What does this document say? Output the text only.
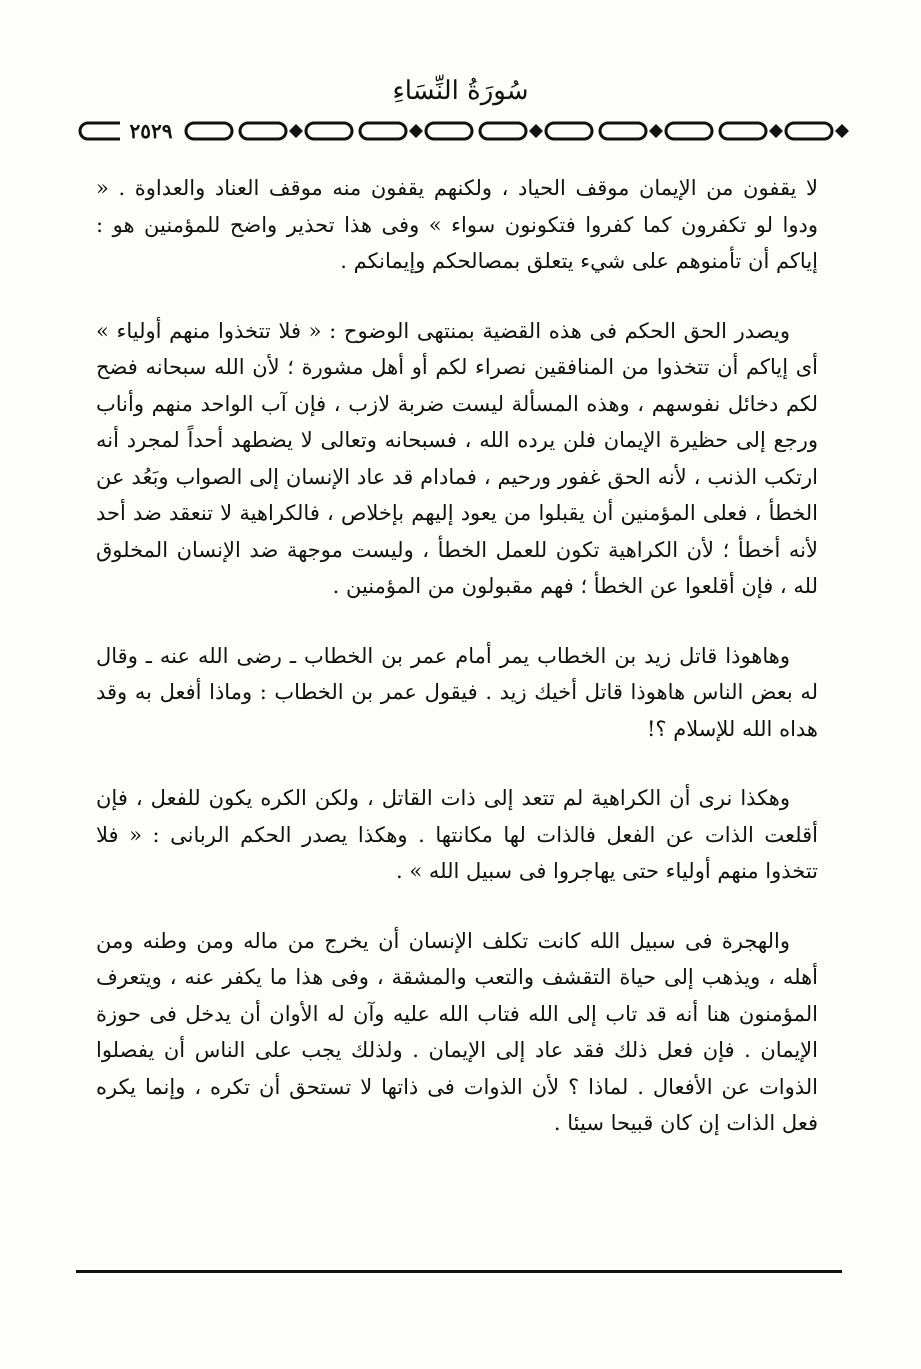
سُورَةُ النِّسَاءِ
٢٥٢٩

لا يقفون من الإيمان موقف الحياد ، ولكنهم يقفون منه موقف العناد والعداوة . « ودوا لو تكفرون كما كفروا فتكونون سواء » وفى هذا تحذير واضح للمؤمنين هو : إياكم أن تأمنوهم على شيء يتعلق بمصالحكم وإيمانكم .

ويصدر الحق الحكم فى هذه القضية بمنتهى الوضوح : « فلا تتخذوا منهم أولياء » أى إياكم أن تتخذوا من المنافقين نصراء لكم أو أهل مشورة ؛ لأن الله سبحانه فضح لكم دخائل نفوسهم ، وهذه المسألة ليست ضربة لازب ، فإن آب الواحد منهم وأناب ورجع إلى حظيرة الإيمان فلن يرده الله ، فسبحانه وتعالى لا يضطهد أحداً لمجرد أنه ارتكب الذنب ، لأنه الحق غفور ورحيم ، فمادام قد عاد الإنسان إلى الصواب وبَعُد عن الخطأ ، فعلى المؤمنين أن يقبلوا من يعود إليهم بإخلاص ، فالكراهية لا تنعقد ضد أحد لأنه أخطأ ؛ لأن الكراهية تكون للعمل الخطأ ، وليست موجهة ضد الإنسان المخلوق لله ، فإن أقلعوا عن الخطأ ؛ فهم مقبولون من المؤمنين .

وهاهوذا قاتل زيد بن الخطاب يمر أمام عمر بن الخطاب ـ رضى الله عنه ـ وقال له بعض الناس هاهوذا قاتل أخيك زيد . فيقول عمر بن الخطاب : وماذا أفعل به وقد هداه الله للإسلام ؟!

وهكذا نرى أن الكراهية لم تتعد إلى ذات القاتل ، ولكن الكره يكون للفعل ، فإن أقلعت الذات عن الفعل فالذات لها مكانتها . وهكذا يصدر الحكم الربانى : « فلا تتخذوا منهم أولياء حتى يهاجروا فى سبيل الله » .

والهجرة فى سبيل الله كانت تكلف الإنسان أن يخرج من ماله ومن وطنه ومن أهله ، ويذهب إلى حياة التقشف والتعب والمشقة ، وفى هذا ما يكفر عنه ، ويتعرف المؤمنون هنا أنه قد تاب إلى الله فتاب الله عليه وآن له الأوان أن يدخل فى حوزة الإيمان . فإن فعل ذلك فقد عاد إلى الإيمان . ولذلك يجب على الناس أن يفصلوا الذوات عن الأفعال . لماذا ؟ لأن الذوات فى ذاتها لا تستحق أن تكره ، وإنما يكره فعل الذات إن كان قبيحا سيئا .
